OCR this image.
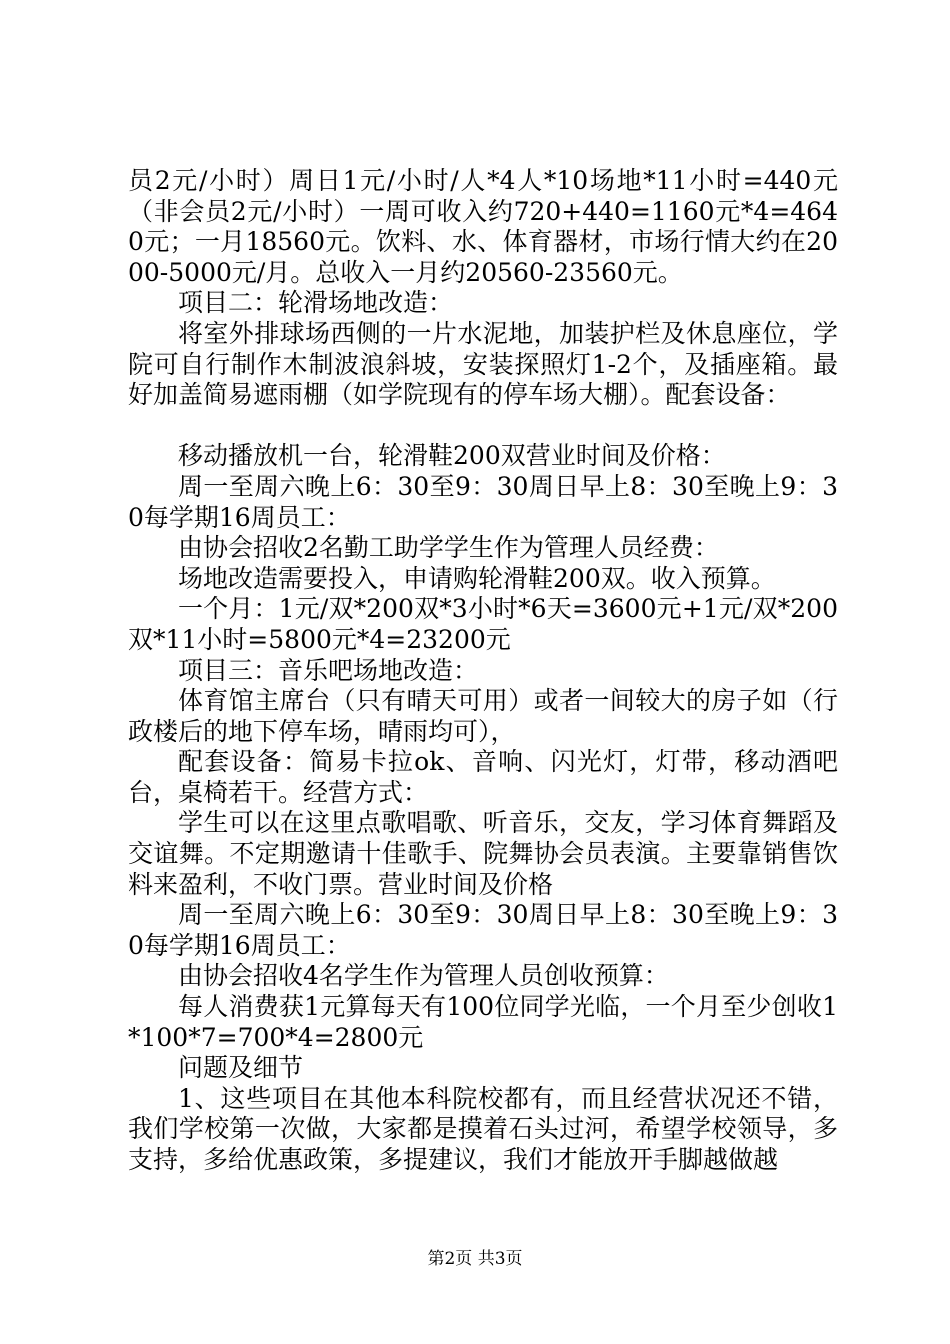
员2元/小时）周日1元/小时/人*4人*10场地*11小时=440元（非会员2元/小时）一周可收入约720+440=1160元*4=4640元；一月18560元。饮料、水、体育器材，市场行情大约在2000-5000元/月。总收入一月约20560-23560元。

项目二：轮滑场地改造：

将室外排球场西侧的一片水泥地，加装护栏及休息座位，学院可自行制作木制波浪斜坡，安装探照灯1-2个，及插座箱。最好加盖简易遮雨棚（如学院现有的停车场大棚）。配套设备：

移动播放机一台，轮滑鞋200双营业时间及价格：

周一至周六晚上6：30至9：30周日早上8：30至晚上9：30每学期16周员工：

由协会招收2名勤工助学学生作为管理人员经费：

场地改造需要投入，申请购轮滑鞋200双。收入预算。

一个月：1元/双*200双*3小时*6天=3600元+1元/双*200双*11小时=5800元*4=23200元

项目三：音乐吧场地改造：

体育馆主席台（只有晴天可用）或者一间较大的房子如（行政楼后的地下停车场，晴雨均可），

配套设备：简易卡拉ok、音响、闪光灯，灯带，移动酒吧台，桌椅若干。经营方式：

学生可以在这里点歌唱歌、听音乐，交友，学习体育舞蹈及交谊舞。不定期邀请十佳歌手、院舞协会员表演。主要靠销售饮料来盈利，不收门票。营业时间及价格

周一至周六晚上6：30至9：30周日早上8：30至晚上9：30每学期16周员工：

由协会招收4名学生作为管理人员创收预算：

每人消费获1元算每天有100位同学光临，一个月至少创收1*100*7=700*4=2800元

问题及细节

1、这些项目在其他本科院校都有，而且经营状况还不错，我们学校第一次做，大家都是摸着石头过河，希望学校领导，多支持，多给优惠政策，多提建议，我们才能放开手脚越做越

第2页 共3页
